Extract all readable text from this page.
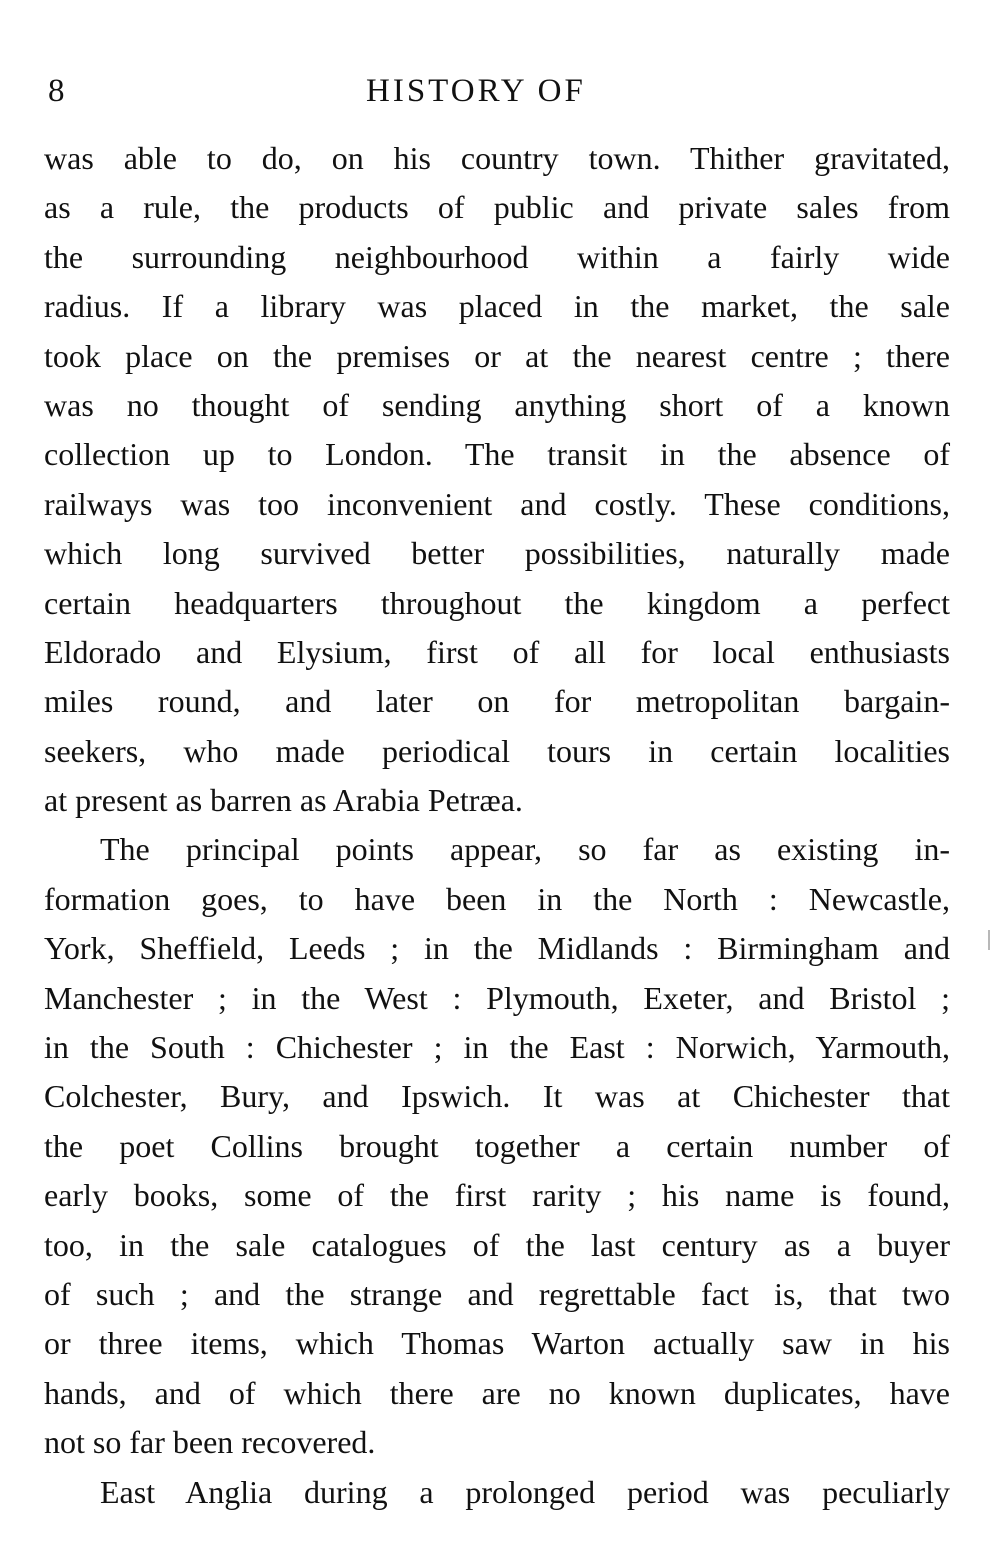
8	HISTORY OF
was able to do, on his country town. Thither gravitated,
as a rule, the products of public and private sales from
the surrounding neighbourhood within a fairly wide
radius. If a library was placed in the market, the sale
took place on the premises or at the nearest centre ; there
was no thought of sending anything short of a known
collection up to London. The transit in the absence of
railways was too inconvenient and costly. These conditions,
which long survived better possibilities, naturally made
certain headquarters throughout the kingdom a perfect
Eldorado and Elysium, first of all for local enthusiasts
miles round, and later on for metropolitan bargain-
seekers, who made periodical tours in certain localities
at present as barren as Arabia Petræa.
The principal points appear, so far as existing in-
formation goes, to have been in the North : Newcastle,
York, Sheffield, Leeds ; in the Midlands : Birmingham and
Manchester ; in the West : Plymouth, Exeter, and Bristol ;
in the South : Chichester ; in the East : Norwich, Yarmouth,
Colchester, Bury, and Ipswich. It was at Chichester that
the poet Collins brought together a certain number of
early books, some of the first rarity ; his name is found,
too, in the sale catalogues of the last century as a buyer
of such ; and the strange and regrettable fact is, that two
or three items, which Thomas Warton actually saw in his
hands, and of which there are no known duplicates, have
not so far been recovered.
East Anglia during a prolonged period was peculiarly
